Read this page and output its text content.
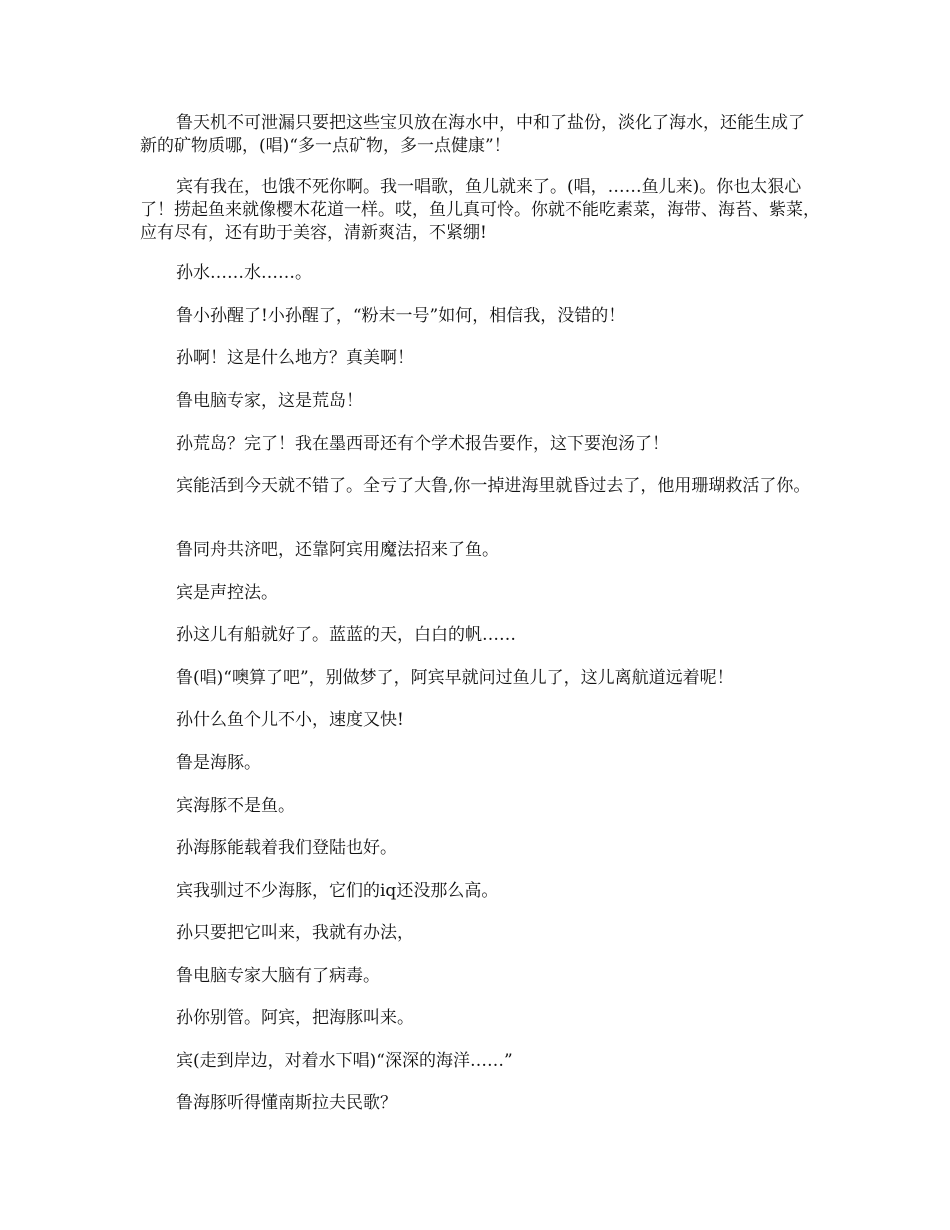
鲁天机不可泄漏只要把这些宝贝放在海水中，中和了盐份，淡化了海水，还能生成了新的矿物质哪，(唱)“多一点矿物，多一点健康”！

宾有我在，也饿不死你啊。我一唱歌，鱼儿就来了。(唱，……鱼儿来)。你也太狠心了！捞起鱼来就像樱木花道一样。哎，鱼儿真可怜。你就不能吃素菜，海带、海苔、紫菜，应有尽有，还有助于美容，清新爽洁，不紧绷!

孙水……水……。

鲁小孙醒了!小孙醒了，“粉末一号”如何，相信我，没错的！

孙啊！这是什么地方？真美啊！

鲁电脑专家，这是荒岛！

孙荒岛？完了！我在墨西哥还有个学术报告要作，这下要泡汤了！

宾能活到今天就不错了。全亏了大鲁,你一掉进海里就昏过去了，他用珊瑚救活了你。

鲁同舟共济吧，还靠阿宾用魔法招来了鱼。

宾是声控法。

孙这儿有船就好了。蓝蓝的天，白白的帆……

鲁(唱)“噢算了吧”，别做梦了，阿宾早就问过鱼儿了，这儿离航道远着呢！

孙什么鱼个儿不小，速度又快!

鲁是海豚。

宾海豚不是鱼。

孙海豚能载着我们登陆也好。

宾我驯过不少海豚，它们的iq还没那么高。

孙只要把它叫来，我就有办法，

鲁电脑专家大脑有了病毒。

孙你别管。阿宾，把海豚叫来。

宾(走到岸边，对着水下唱)“深深的海洋……”

鲁海豚听得懂南斯拉夫民歌？
